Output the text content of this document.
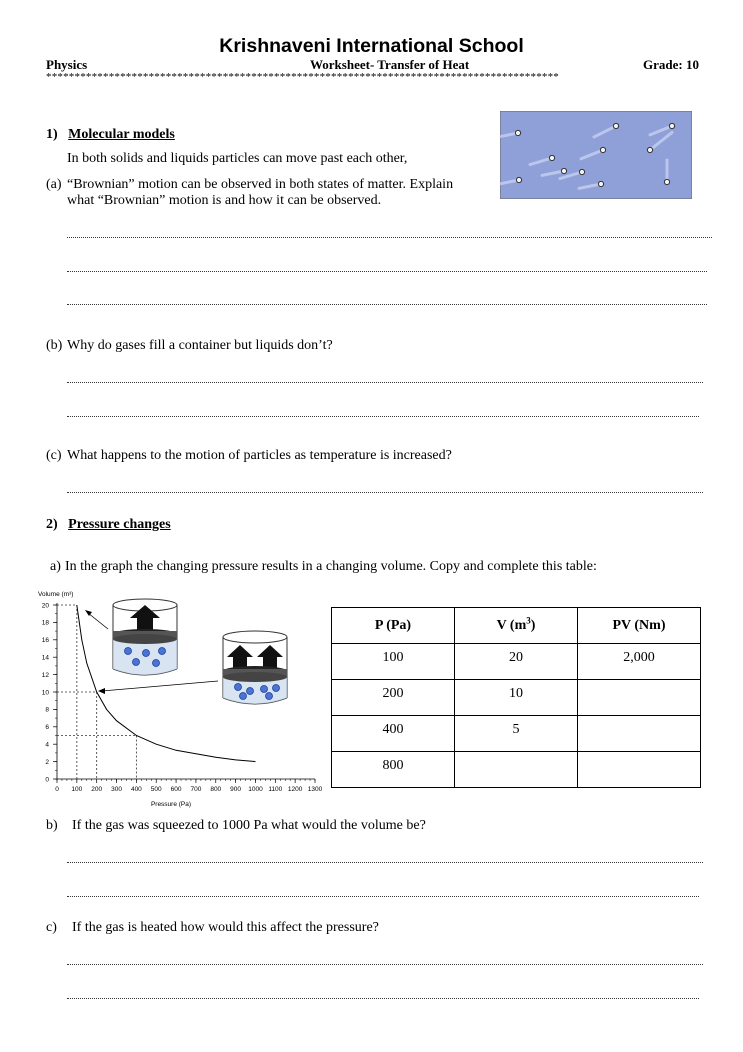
Krishnaveni International School
Physics	Worksheet- Transfer of Heat	Grade: 10
******************************************************************************************
1) Molecular models
In both solids and liquids particles can move past each other,
(a) “Brownian” motion can be observed in both states of matter. Explain
what “Brownian” motion is and how it can be observed.
(b) Why do gases fill a container but liquids don’t?
(c) What happens to the motion of particles as temperature is increased?
2) Pressure changes
a) In the graph the changing pressure results in a changing volume. Copy and complete this table:
0 100 200 300 400 500 600 700 800 900 1000 1100 1200 1300
0
2
4
6
8
10
12
14
16
18
20
Volume (m³)
Pressure (Pa)
P (Pa)	V $(m^3)$	PV (Nm)
100	20	2,000
200	10	
400	5	
800		
b) If the gas was squeezed to 1000 Pa what would the volume be?
c) If the gas is heated how would this affect the pressure?
